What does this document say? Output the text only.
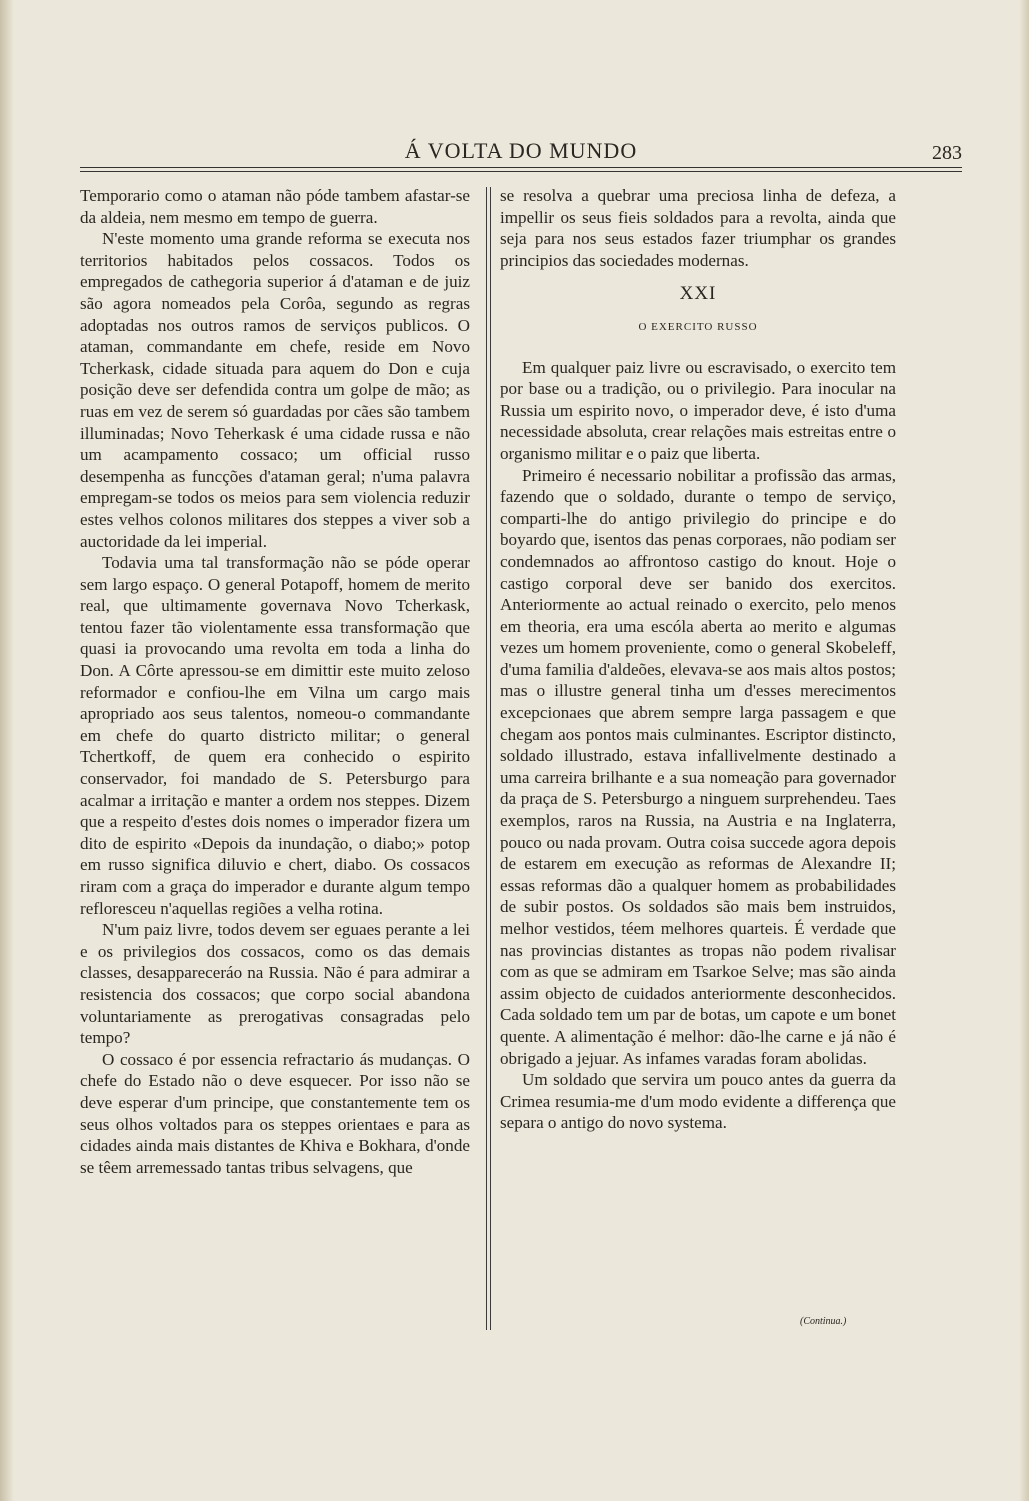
Á VOLTA DO MUNDO	283

Temporario como o ataman não póde tambem afastar-se da aldeia, nem mesmo em tempo de guerra.

N'este momento uma grande reforma se executa nos territorios habitados pelos cossacos. Todos os empregados de cathegoria superior á d'ataman e de juiz são agora nomeados pela Corôa, segundo as regras adoptadas nos outros ramos de serviços publicos. O ataman, commandante em chefe, reside em Novo Tcherkask, cidade situada para aquem do Don e cuja posição deve ser defendida contra um golpe de mão; as ruas em vez de serem só guardadas por cães são tambem illuminadas; Novo Teherkask é uma cidade russa e não um acampamento cossaco; um official russo desempenha as funcções d'ataman geral; n'uma palavra empregam-se todos os meios para sem violencia reduzir estes velhos colonos militares dos steppes a viver sob a auctoridade da lei imperial.

Todavia uma tal transformação não se póde operar sem largo espaço. O general Potapoff, homem de merito real, que ultimamente governava Novo Tcherkask, tentou fazer tão violentamente essa transformação que quasi ia provocando uma revolta em toda a linha do Don. A Côrte apressou-se em dimittir este muito zeloso reformador e confiou-lhe em Vilna um cargo mais apropriado aos seus talentos, nomeou-o commandante em chefe do quarto districto militar; o general Tchertkoff, de quem era conhecido o espirito conservador, foi mandado de S. Petersburgo para acalmar a irritação e manter a ordem nos steppes. Dizem que a respeito d'estes dois nomes o imperador fizera um dito de espirito «Depois da inundação, o diabo;» potop em russo significa diluvio e chert, diabo. Os cossacos riram com a graça do imperador e durante algum tempo refloresceu n'aquellas regiões a velha rotina.

N'um paiz livre, todos devem ser eguaes perante a lei e os privilegios dos cossacos, como os das demais classes, desappareceráo na Russia. Não é para admirar a resistencia dos cossacos; que corpo social abandona voluntariamente as prerogativas consagradas pelo tempo?

O cossaco é por essencia refractario ás mudanças. O chefe do Estado não o deve esquecer. Por isso não se deve esperar d'um principe, que constantemente tem os seus olhos voltados para os steppes orientaes e para as cidades ainda mais distantes de Khiva e Bokhara, d'onde se têem arremessado tantas tribus selvagens, que

se resolva a quebrar uma preciosa linha de defeza, a impellir os seus fieis soldados para a revolta, ainda que seja para nos seus estados fazer triumphar os grandes principios das sociedades modernas.

XXI
O EXERCITO RUSSO

Em qualquer paiz livre ou escravisado, o exercito tem por base ou a tradição, ou o privilegio. Para inocular na Russia um espirito novo, o imperador deve, é isto d'uma necessidade absoluta, crear relações mais estreitas entre o organismo militar e o paiz que liberta.

Primeiro é necessario nobilitar a profissão das armas, fazendo que o soldado, durante o tempo de serviço, comparti-lhe do antigo privilegio do principe e do boyardo que, isentos das penas corporaes, não podiam ser condemnados ao affrontoso castigo do knout. Hoje o castigo corporal deve ser banido dos exercitos. Anteriormente ao actual reinado o exercito, pelo menos em theoria, era uma escóla aberta ao merito e algumas vezes um homem proveniente, como o general Skobeleff, d'uma familia d'aldeões, elevava-se aos mais altos postos; mas o illustre general tinha um d'esses merecimentos excepcionaes que abrem sempre larga passagem e que chegam aos pontos mais culminantes. Escriptor distincto, soldado illustrado, estava infallivelmente destinado a uma carreira brilhante e a sua nomeação para governador da praça de S. Petersburgo a ninguem surprehendeu. Taes exemplos, raros na Russia, na Austria e na Inglaterra, pouco ou nada provam. Outra coisa succede agora depois de estarem em execução as reformas de Alexandre II; essas reformas dão a qualquer homem as probabilidades de subir postos. Os soldados são mais bem instruidos, melhor vestidos, téem melhores quarteis. É verdade que nas provincias distantes as tropas não podem rivalisar com as que se admiram em Tsarkoe Selve; mas são ainda assim objecto de cuidados anteriormente desconhecidos. Cada soldado tem um par de botas, um capote e um bonet quente. A alimentação é melhor: dão-lhe carne e já não é obrigado a jejuar. As infames varadas foram abolidas.

Um soldado que servira um pouco antes da guerra da Crimea resumia-me d'um modo evidente a differença que separa o antigo do novo systema.

(Continua.)
